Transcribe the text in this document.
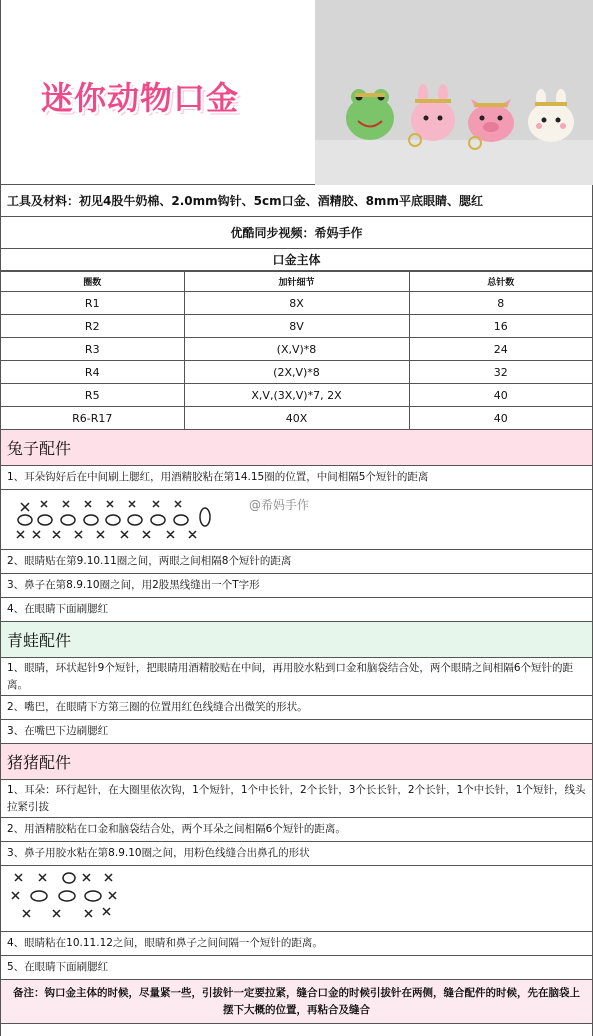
迷你动物口金
工具及材料：初见4股牛奶棉、2.0mm钩针、5cm口金、酒精胶、8mm平底眼睛、腮红
优酷同步视频：希妈手作
口金主体
圈数	加针细节	总针数
R1	8X	8
R2	8V	16
R3	(X,V)*8	24
R4	(2X,V)*8	32
R5	X,V,(3X,V)*7, 2X	40
R6-R17	40X	40
兔子配件
1、耳朵钩好后在中间刷上腮红，用酒精胶粘在第14.15圈的位置，中间相隔5个短针的距离
@希妈手作
2、眼睛贴在第9.10.11圈之间，两眼之间相隔8个短针的距离
3、鼻子在第8.9.10圈之间，用2股黑线缝出一个T字形
4、在眼睛下面刷腮红
青蛙配件
1、眼睛，环状起针9个短针，把眼睛用酒精胶贴在中间，再用胶水粘到口金和脑袋结合处，两个眼睛之间相隔6个短针的距离。
2、嘴巴，在眼睛下方第三圈的位置用红色线缝合出微笑的形状。
3、在嘴巴下边刷腮红
猪猪配件
1、耳朵：环行起针，在大圈里依次钩，1个短针，1个中长针，2个长针，3个长长针，2个长针，1个中长针，1个短针，线头拉紧引拔
2、用酒精胶粘在口金和脑袋结合处，两个耳朵之间相隔6个短针的距离。
3、鼻子用胶水粘在第8.9.10圈之间，用粉色线缝合出鼻孔的形状
4、眼睛粘在10.11.12之间，眼睛和鼻子之间间隔一个短针的距离。
5、在眼睛下面刷腮红
备注：钩口金主体的时候，尽量紧一些，引拔针一定要拉紧，缝合口金的时候引拔针在两侧，缝合配件的时候，先在脑袋上摆下大概的位置，再粘合及缝合
